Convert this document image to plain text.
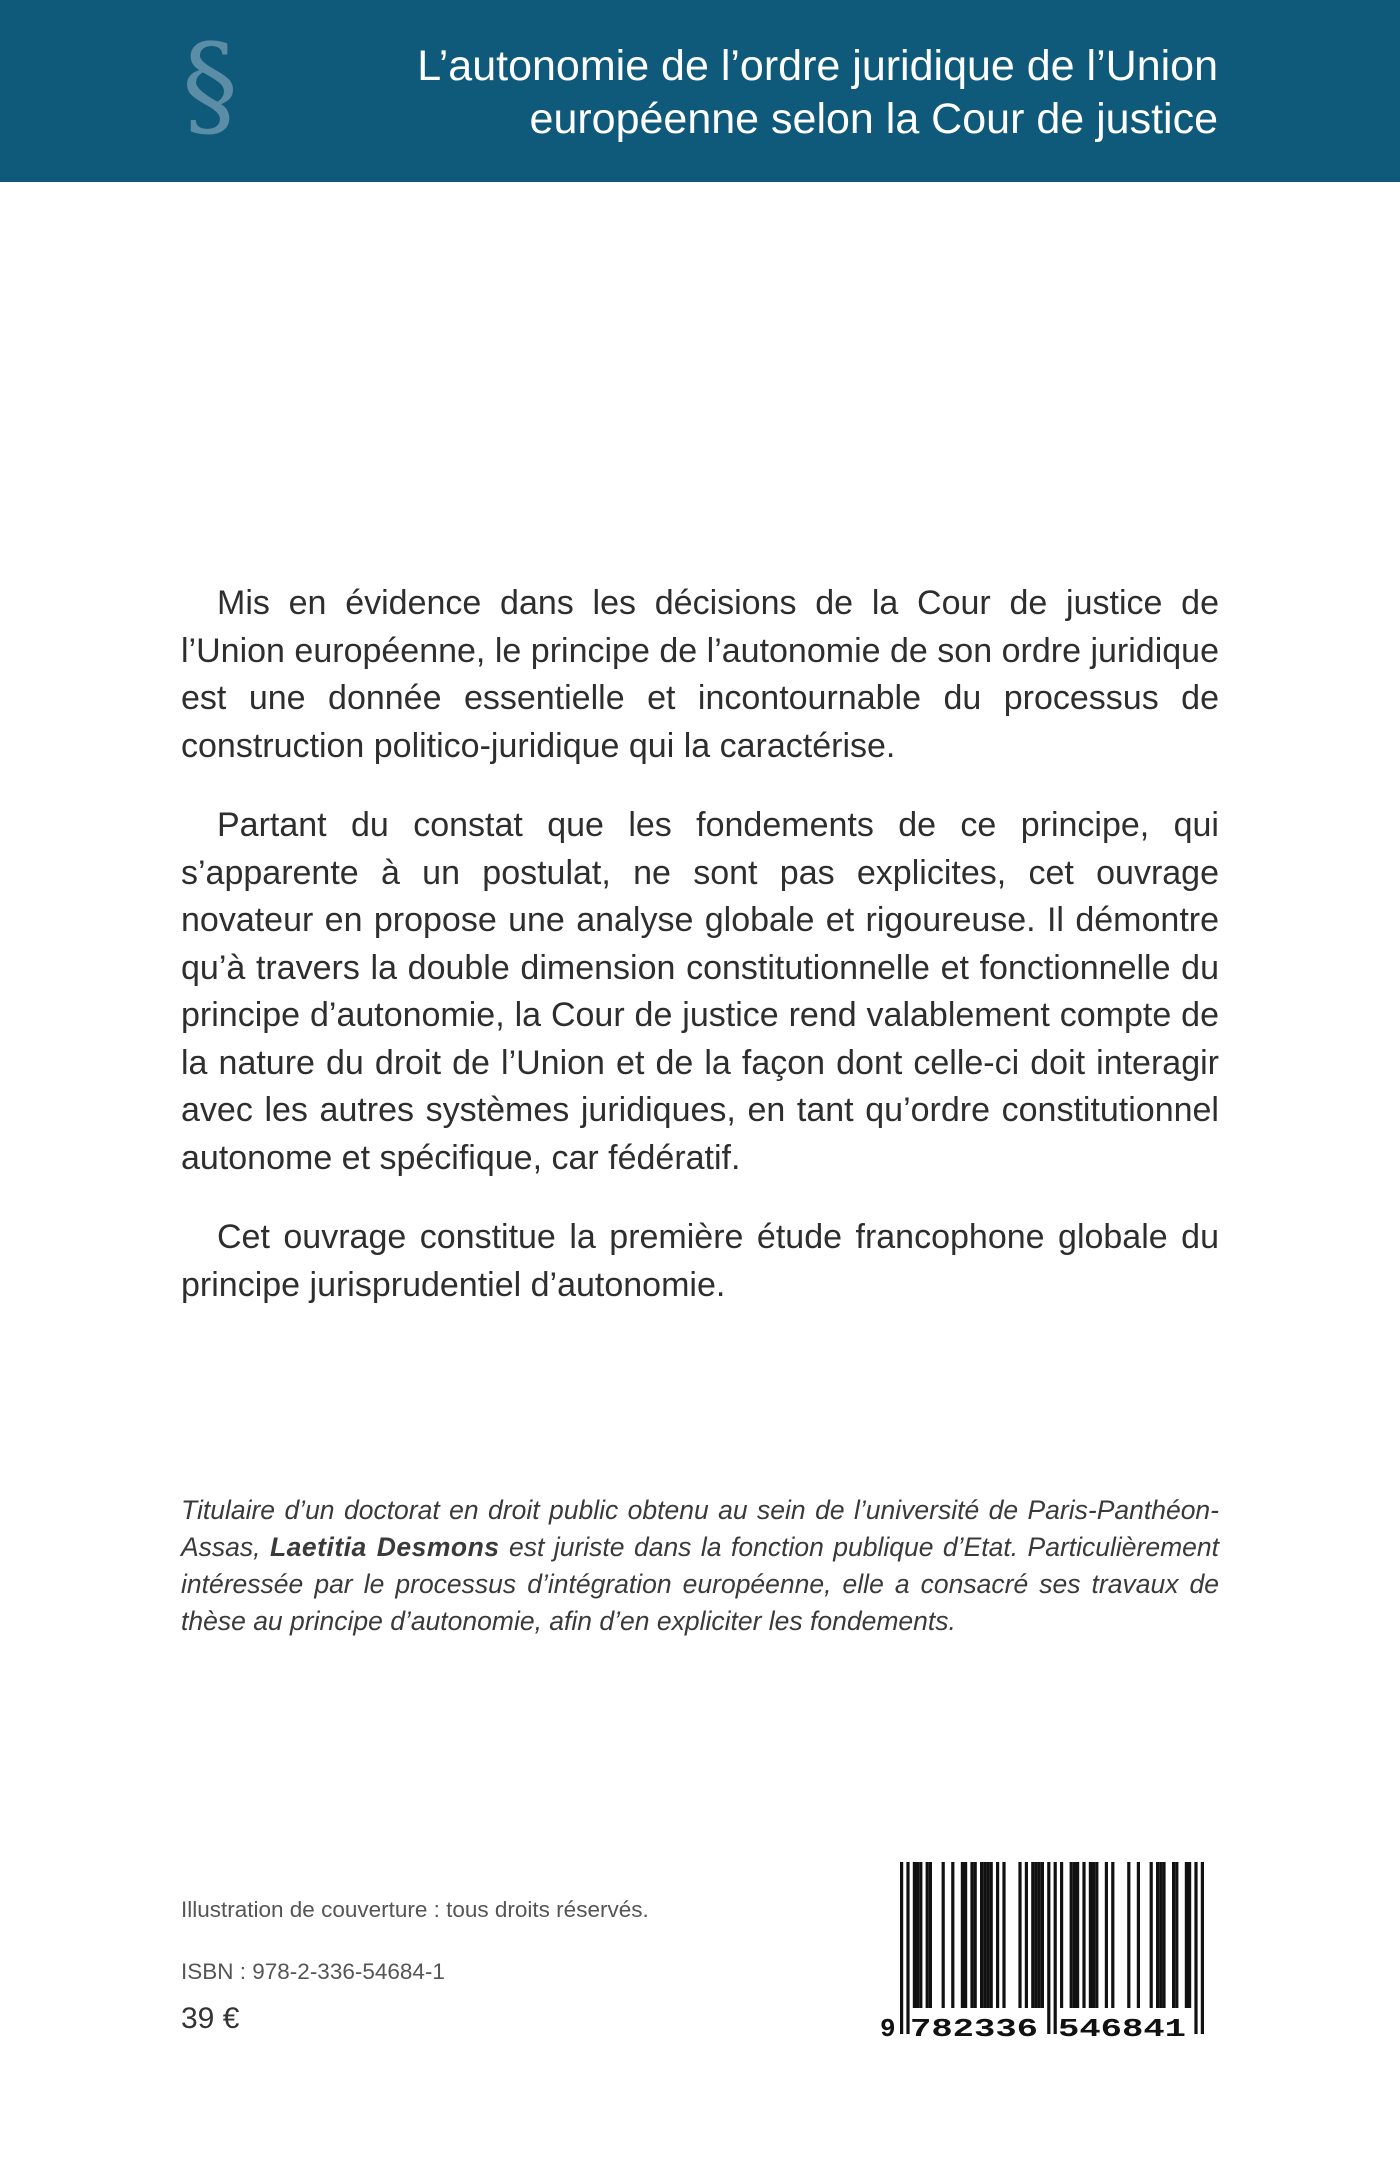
§	L’autonomie de l’ordre juridique de l’Union
européenne selon la Cour de justice

Mis en évidence dans les décisions de la Cour de justice de l’Union européenne, le principe de l’autonomie de son ordre juridique est une donnée essentielle et incontournable du processus de construction politico-juridique qui la caractérise.

Partant du constat que les fondements de ce principe, qui s’apparente à un postulat, ne sont pas explicites, cet ouvrage novateur en propose une analyse globale et rigoureuse. Il démontre qu’à travers la double dimension constitutionnelle et fonctionnelle du principe d’autonomie, la Cour de justice rend valablement compte de la nature du droit de l’Union et de la façon dont celle-ci doit interagir avec les autres systèmes juridiques, en tant qu’ordre constitutionnel autonome et spécifique, car fédératif.

Cet ouvrage constitue la première étude francophone globale du principe jurisprudentiel d’autonomie.

Titulaire d’un doctorat en droit public obtenu au sein de l’université de Paris-Panthéon-Assas, Laetitia Desmons est juriste dans la fonction publique d’Etat. Particulièrement intéressée par le processus d’intégration européenne, elle a consacré ses travaux de thèse au principe d’autonomie, afin d’en expliciter les fondements.

Illustration de couverture : tous droits réservés.

ISBN : 978-2-336-54684-1

39 €	9 782336 546841
